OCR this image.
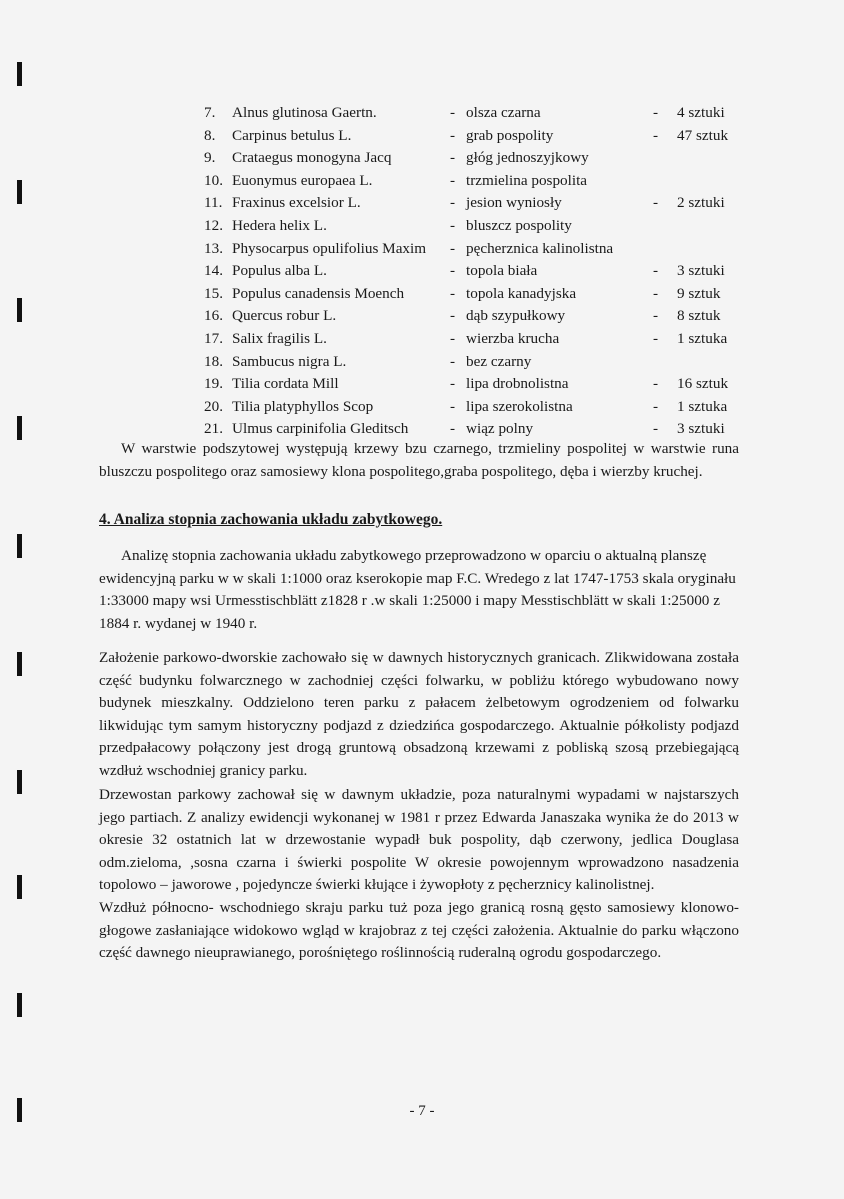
7. Alnus glutinosa Gaertn.	- olsza czarna	- 4 sztuki
8. Carpinus betulus L.	- grab pospolity	- 47 sztuk
9. Crataegus monogyna Jacq	- głóg jednoszyjkowy
10. Euonymus europaea L.	- trzmielina pospolita
11. Fraxinus excelsior L.	- jesion wyniosły	- 2 sztuki
12. Hedera helix L.	- bluszcz pospolity
13. Physocarpus opulifolius Maxim - pęcherznica kalinolistna
14. Populus alba L.	- topola biała	- 3 sztuki
15. Populus canadensis Moench	- topola kanadyjska	- 9 sztuk
16. Quercus robur L.	- dąb szypułkowy	- 8 sztuk
17. Salix fragilis L.	- wierzba krucha	- 1 sztuka
18. Sambucus nigra L.	- bez czarny
19. Tilia cordata Mill	- lipa drobnolistna	- 16 sztuk
20. Tilia platyphyllos Scop	- lipa szerokolistna	- 1 sztuka
21. Ulmus carpinifolia Gleditsch	- wiąz polny	- 3 sztuki

W warstwie podszytowej występują krzewy bzu czarnego, trzmieliny pospolitej w warstwie runa bluszczu pospolitego oraz samosiewy klona pospolitego,graba pospolitego, dęba i wierzby kruchej.

4. Analiza stopnia zachowania układu zabytkowego.

Analizę stopnia zachowania układu zabytkowego przeprowadzono w oparciu o aktualną planszę ewidencyjną parku w w skali 1:1000 oraz kserokopie map F.C. Wredego z lat 1747-1753 skala oryginału 1:33000 mapy wsi Urmesstischblätt z1828 r .w skali 1:25000 i mapy Messtischblätt w skali 1:25000 z 1884 r. wydanej w 1940 r.

Założenie parkowo-dworskie zachowało się w dawnych historycznych granicach. Zlikwidowana została część budynku folwarcznego w zachodniej części folwarku, w pobliżu którego wybudowano nowy budynek mieszkalny. Oddzielono teren parku z pałacem żelbetowym ogrodzeniem od folwarku likwidując tym samym historyczny podjazd z dziedzińca gospodarczego. Aktualnie półkolisty podjazd przedpałacowy połączony jest drogą gruntową obsadzoną krzewami z pobliską szosą przebiegającą wzdłuż wschodniej granicy parku.

Drzewostan parkowy zachował się w dawnym układzie, poza naturalnymi wypadami w najstarszych jego partiach. Z analizy ewidencji wykonanej w 1981 r przez Edwarda Janaszaka wynika że do 2013 w okresie 32 ostatnich lat w drzewostanie wypadł buk pospolity, dąb czerwony, jedlica Douglasa odm.zieloma, ,sosna czarna i świerki pospolite W okresie powojennym wprowadzono nasadzenia topolowo – jaworowe , pojedyncze świerki kłujące i żywopłoty z pęcherznicy kalinolistnej.

Wzdłuż północno- wschodniego skraju parku tuż poza jego granicą rosną gęsto samosiewy klonowo-głogowe zasłaniające widokowo wgląd w krajobraz z tej części założenia. Aktualnie do parku włączono część dawnego nieuprawianego, porośniętego roślinnością ruderalną ogrodu gospodarczego.

- 7 -
